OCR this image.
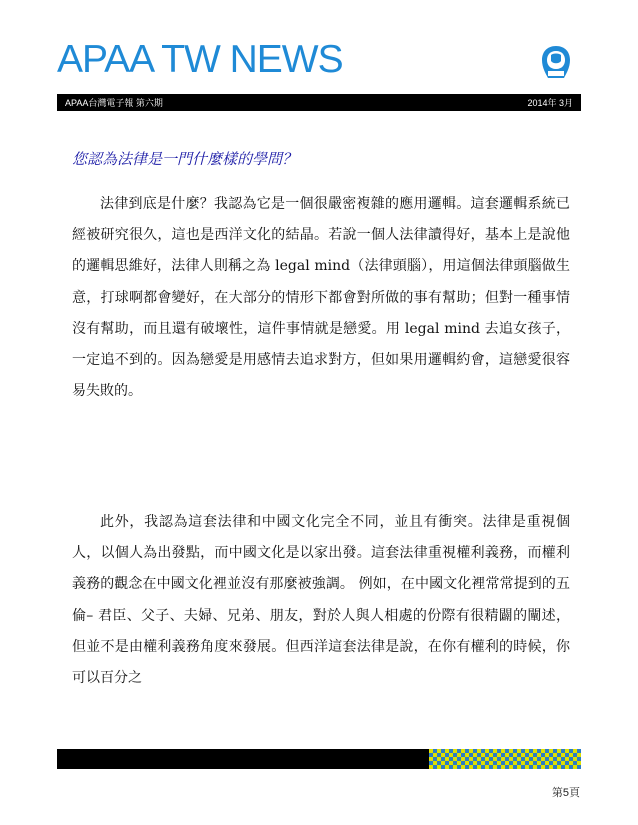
APAA TW NEWS
APAA台灣電子報 第六期	2014年 3月
您認為法律是一門什麼樣的學問？

法律到底是什麼？我認為它是一個很嚴密複雜的應用邏輯。這套邏輯系統已經被研究很久，這也是西洋文化的結晶。若說一個人法律讀得好，基本上是說他的邏輯思維好，法律人則稱之為 legal mind（法律頭腦），用這個法律頭腦做生意，打球啊都會變好，在大部分的情形下都會對所做的事有幫助；但對一種事情沒有幫助，而且還有破壞性，這件事情就是戀愛。用 legal mind 去追女孩子，一定追不到的。因為戀愛是用感情去追求對方，但如果用邏輯約會，這戀愛很容易失敗的。

此外，我認為這套法律和中國文化完全不同，並且有衝突。法律是重視個人，以個人為出發點，而中國文化是以家出發。這套法律重視權利義務，而權利義務的觀念在中國文化裡並沒有那麼被強調。 例如，在中國文化裡常常提到的五倫– 君臣、父子、夫婦、兄弟、朋友，對於人與人相處的份際有很精闢的闡述，但並不是由權利義務角度來發展。但西洋這套法律是說，在你有權利的時候，你可以百分之

第5頁
